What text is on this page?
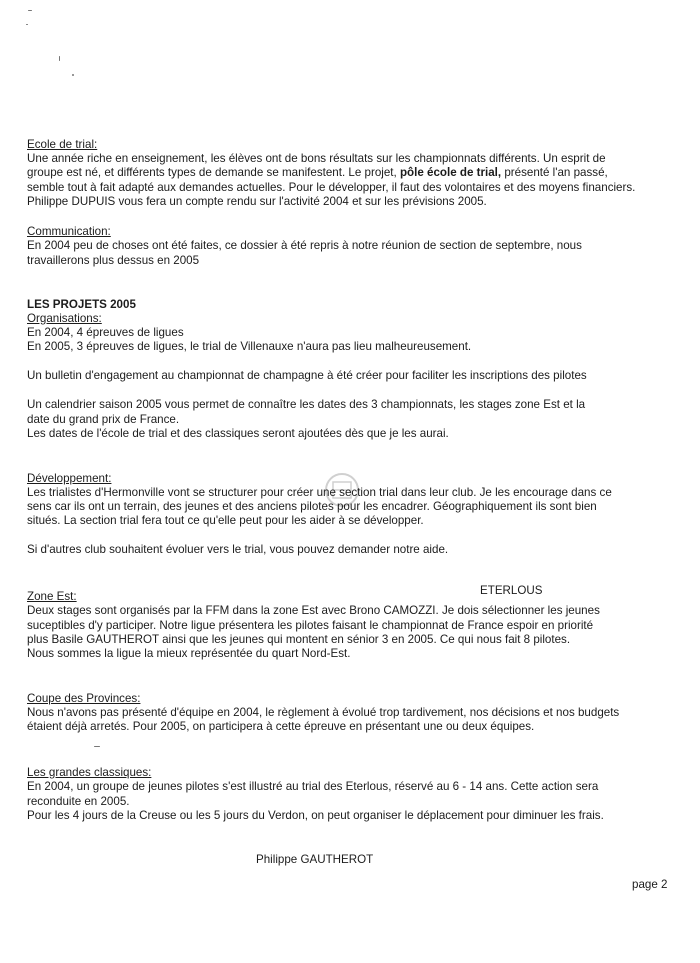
Ecole de trial:
Une année riche en enseignement, les élèves ont de bons résultats sur les championnats différents. Un esprit de
groupe est né, et différents types de demande se manifestent. Le projet, pôle école de trial, présenté l'an passé,
semble tout à fait adapté aux demandes actuelles. Pour le développer, il faut des volontaires et des moyens financiers.
Philippe DUPUIS vous fera un compte rendu sur l'activité 2004 et sur les prévisions 2005.
Communication:
En 2004 peu de choses ont été faites, ce dossier à été repris à notre réunion de section de septembre, nous
travaillerons plus dessus en 2005
LES PROJETS 2005
Organisations:
En 2004, 4 épreuves de ligues
En 2005, 3 épreuves de ligues, le trial de Villenauxe n'aura pas lieu malheureusement.
Un bulletin d'engagement au championnat de champagne à été créer pour faciliter les inscriptions des pilotes
Un calendrier saison 2005 vous permet de connaître les dates des 3 championnats, les stages zone Est et la
date du grand prix de France.
Les dates de l'école de trial et des classiques seront ajoutées dès que je les aurai.
Développement:
Les trialistes d'Hermonville vont se structurer pour créer une section trial dans leur club. Je les encourage dans ce
sens car ils ont un terrain, des jeunes et des anciens pilotes pour les encadrer. Géographiquement ils sont bien
situés. La section trial fera tout ce qu'elle peut pour les aider à se développer.
Si d'autres club souhaitent évoluer vers le trial, vous pouvez demander notre aide.
Zone Est:	ETERLOUS
Deux stages sont organisés par la FFM dans la zone Est avec Brono CAMOZZI. Je dois sélectionner les jeunes
suceptibles d'y participer. Notre ligue présentera les pilotes faisant le championnat de France espoir en priorité
plus Basile GAUTHEROT ainsi que les jeunes qui montent en sénior 3 en 2005. Ce qui nous fait 8 pilotes.
Nous sommes la ligue la mieux représentée du quart Nord-Est.
Coupe des Provinces:
Nous n'avons pas présenté d'équipe en 2004, le règlement à évolué trop tardivement, nos décisions et nos budgets
étaient déjà arretés. Pour 2005, on participera à cette épreuve en présentant une ou deux équipes.
Les grandes classiques:
En 2004, un groupe de jeunes pilotes s'est illustré au trial des Eterlous, réservé au 6 - 14 ans. Cette action sera
reconduite en 2005.
Pour les 4 jours de la Creuse ou les 5 jours du Verdon, on peut organiser le déplacement pour diminuer les frais.
Philippe GAUTHEROT
page 2
